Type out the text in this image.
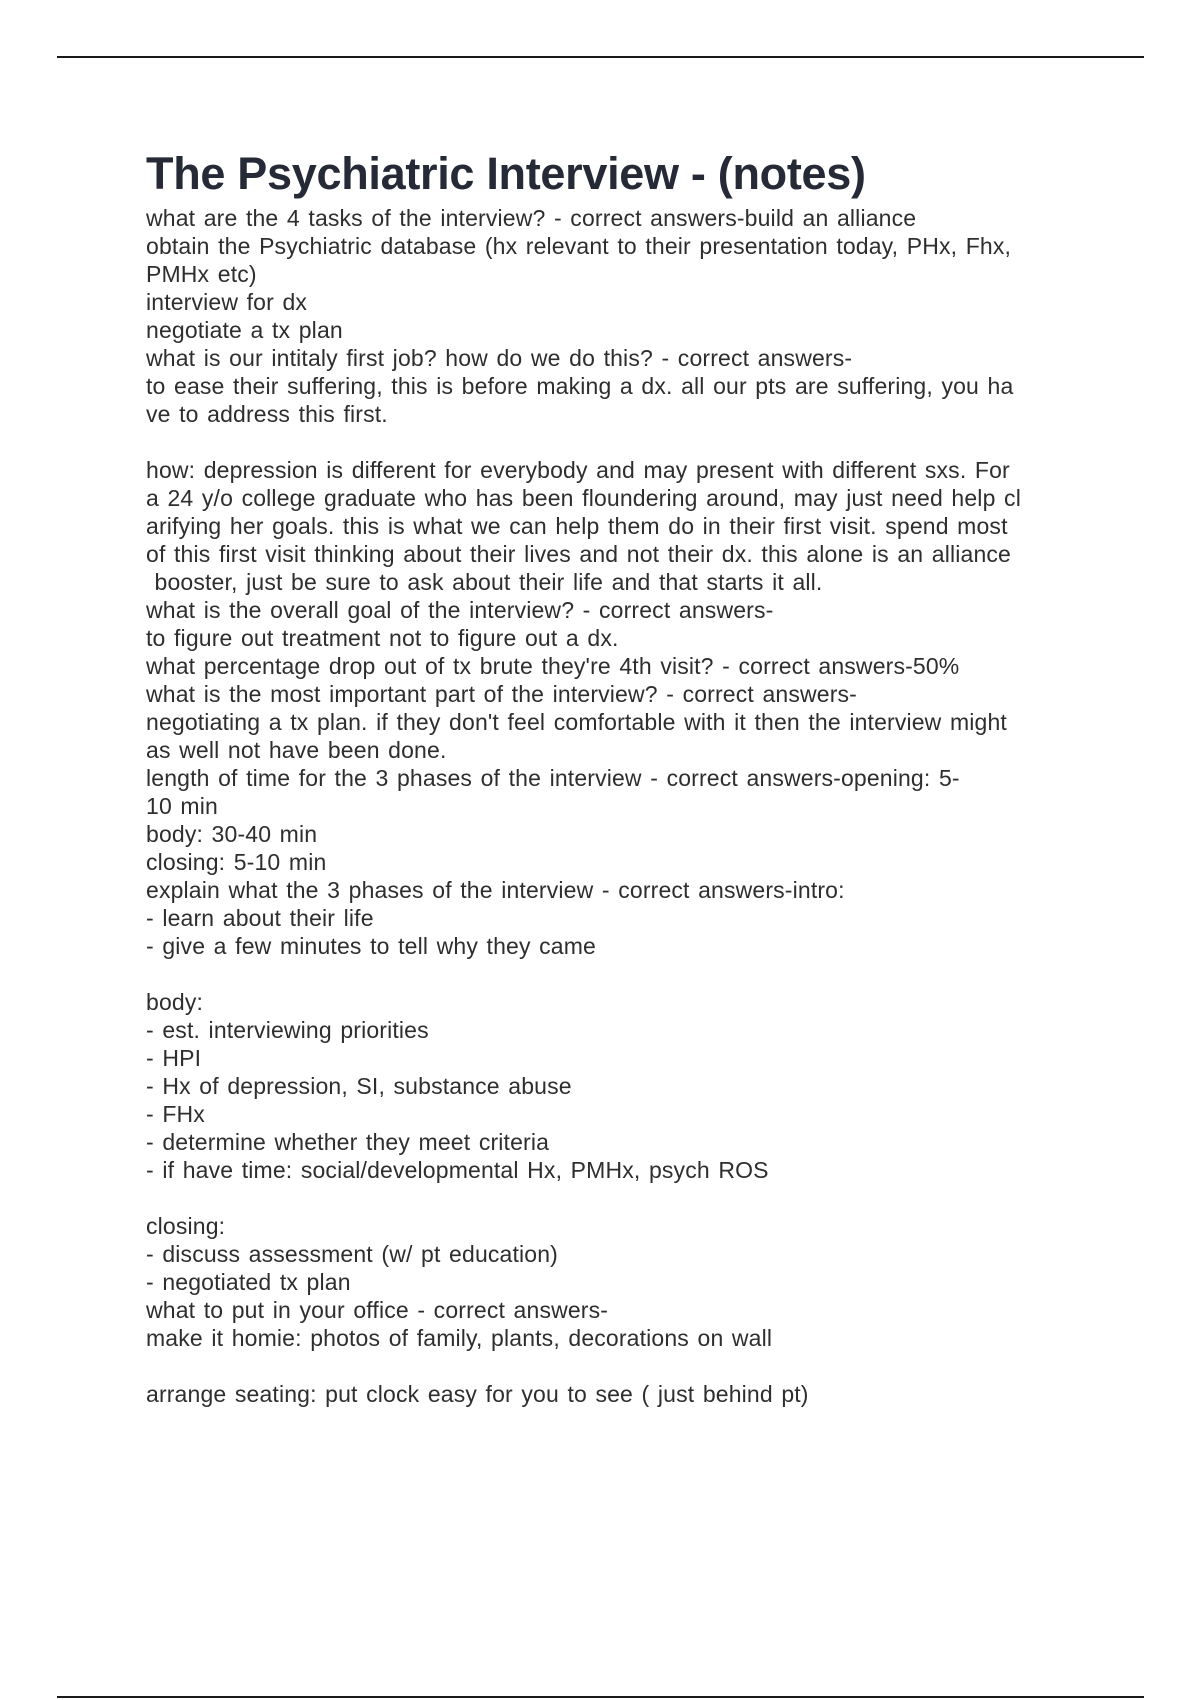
The Psychiatric Interview - (notes)
what are the 4 tasks of the interview? - correct answers-build an alliance
obtain the Psychiatric database (hx relevant to their presentation today, PHx, Fhx,
PMHx etc)
interview for dx
negotiate a tx plan
what is our intitaly first job? how do we do this? - correct answers-
to ease their suffering, this is before making a dx. all our pts are suffering, you ha
ve to address this first.
how: depression is different for everybody and may present with different sxs. For
a 24 y/o college graduate who has been floundering around, may just need help cl
arifying her goals. this is what we can help them do in their first visit. spend most
of this first visit thinking about their lives and not their dx. this alone is an alliance
booster, just be sure to ask about their life and that starts it all.
what is the overall goal of the interview? - correct answers-
to figure out treatment not to figure out a dx.
what percentage drop out of tx brute they're 4th visit? - correct answers-50%
what is the most important part of the interview? - correct answers-
negotiating a tx plan. if they don't feel comfortable with it then the interview might
as well not have been done.
length of time for the 3 phases of the interview - correct answers-opening: 5-
10 min
body: 30-40 min
closing: 5-10 min
explain what the 3 phases of the interview - correct answers-intro:
- learn about their life
- give a few minutes to tell why they came
body:
- est. interviewing priorities
- HPI
- Hx of depression, SI, substance abuse
- FHx
- determine whether they meet criteria
- if have time: social/developmental Hx, PMHx, psych ROS
closing:
- discuss assessment (w/ pt education)
- negotiated tx plan
what to put in your office - correct answers-
make it homie: photos of family, plants, decorations on wall
arrange seating: put clock easy for you to see ( just behind pt)
